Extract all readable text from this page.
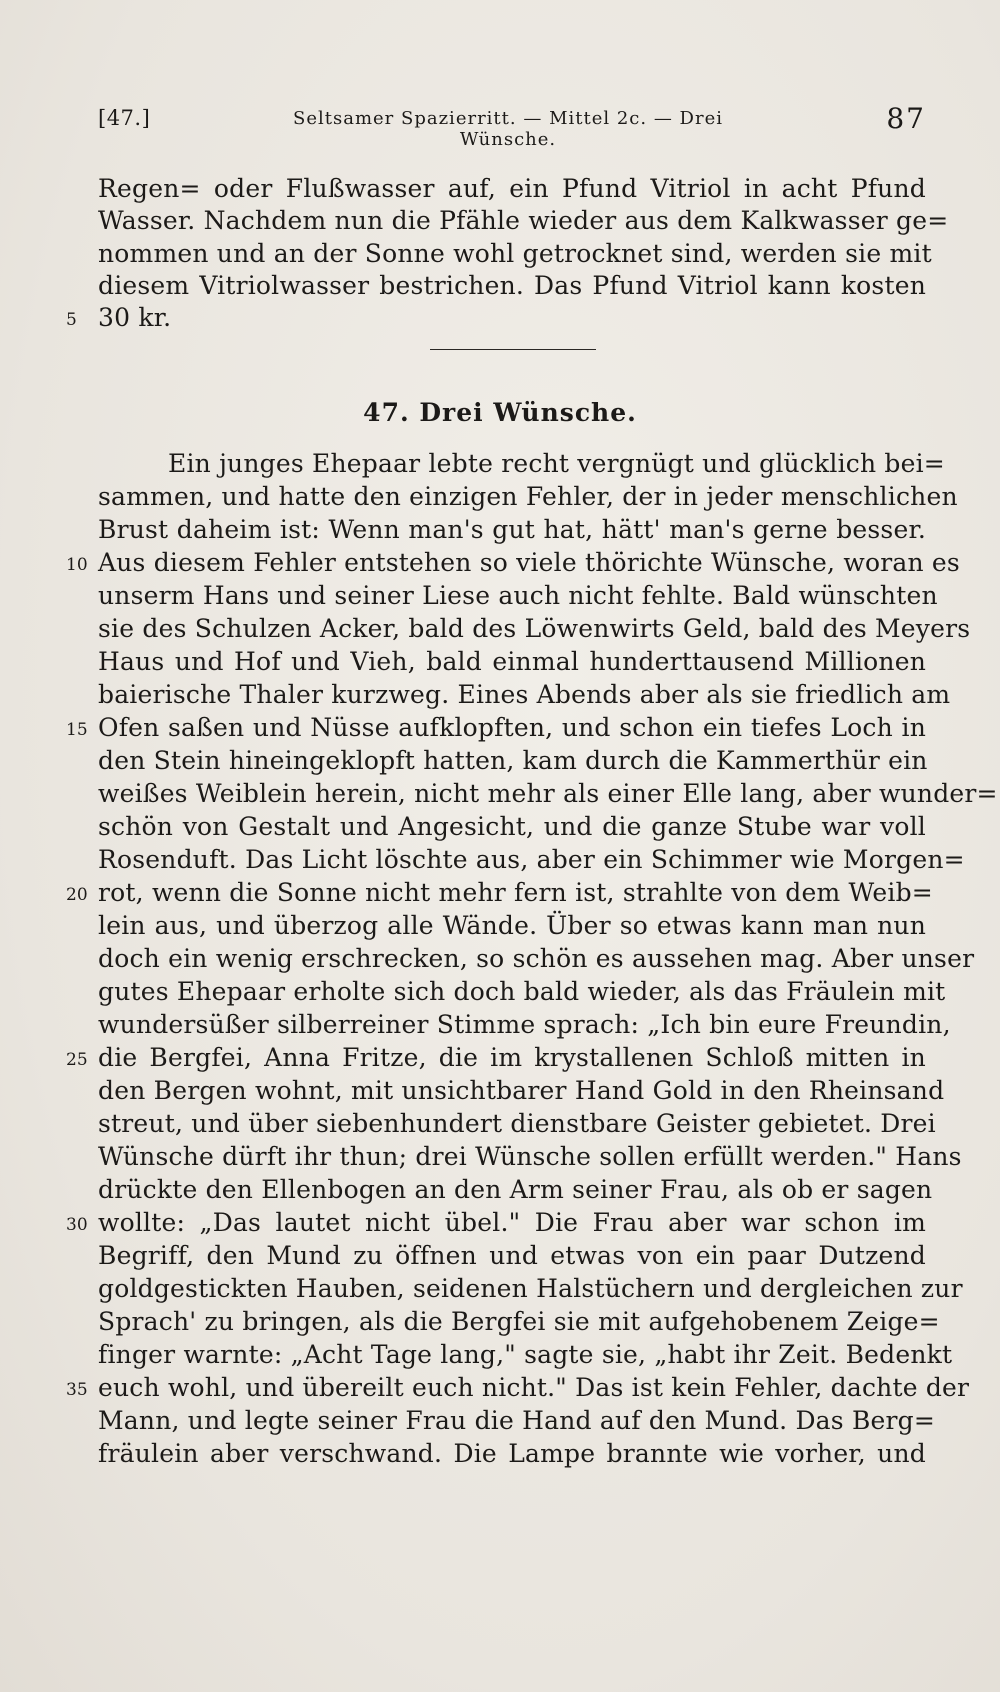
[47.]	Seltsamer Spazierritt. — Mittel 2c. — Drei Wünsche.
87
Regen= oder Flußwasser auf, ein Pfund Vitriol in acht Pfund
Wasser. Nachdem nun die Pfähle wieder aus dem Kalkwasser ge=
nommen und an der Sonne wohl getrocknet sind, werden sie mit
diesem Vitriolwasser bestrichen. Das Pfund Vitriol kann kosten
30 kr.
5
47. Drei Wünsche.
Ein junges Ehepaar lebte recht vergnügt und glücklich bei=
sammen, und hatte den einzigen Fehler, der in jeder menschlichen
Brust daheim ist: Wenn man's gut hat, hätt' man's gerne besser.
Aus diesem Fehler entstehen so viele thörichte Wünsche, woran es
10
unserm Hans und seiner Liese auch nicht fehlte. Bald wünschten
sie des Schulzen Acker, bald des Löwenwirts Geld, bald des Meyers
Haus und Hof und Vieh, bald einmal hunderttausend Millionen
baierische Thaler kurzweg. Eines Abends aber als sie friedlich am
Ofen saßen und Nüsse aufklopften, und schon ein tiefes Loch in
15
den Stein hineingeklopft hatten, kam durch die Kammerthür ein
weißes Weiblein herein, nicht mehr als einer Elle lang, aber wunder=
schön von Gestalt und Angesicht, und die ganze Stube war voll
Rosenduft. Das Licht löschte aus, aber ein Schimmer wie Morgen=
rot, wenn die Sonne nicht mehr fern ist, strahlte von dem Weib=
20
lein aus, und überzog alle Wände. Über so etwas kann man nun
doch ein wenig erschrecken, so schön es aussehen mag. Aber unser
gutes Ehepaar erholte sich doch bald wieder, als das Fräulein mit
wundersüßer silberreiner Stimme sprach: „Ich bin eure Freundin,
die Bergfei, Anna Fritze, die im krystallenen Schloß mitten in
25
den Bergen wohnt, mit unsichtbarer Hand Gold in den Rheinsand
streut, und über siebenhundert dienstbare Geister gebietet. Drei
Wünsche dürft ihr thun; drei Wünsche sollen erfüllt werden." Hans
drückte den Ellenbogen an den Arm seiner Frau, als ob er sagen
wollte: „Das lautet nicht übel." Die Frau aber war schon im
30
Begriff, den Mund zu öffnen und etwas von ein paar Dutzend
goldgestickten Hauben, seidenen Halstüchern und dergleichen zur
Sprach' zu bringen, als die Bergfei sie mit aufgehobenem Zeige=
finger warnte: „Acht Tage lang," sagte sie, „habt ihr Zeit. Bedenkt
euch wohl, und übereilt euch nicht." Das ist kein Fehler, dachte der
35
Mann, und legte seiner Frau die Hand auf den Mund. Das Berg=
fräulein aber verschwand. Die Lampe brannte wie vorher, und
